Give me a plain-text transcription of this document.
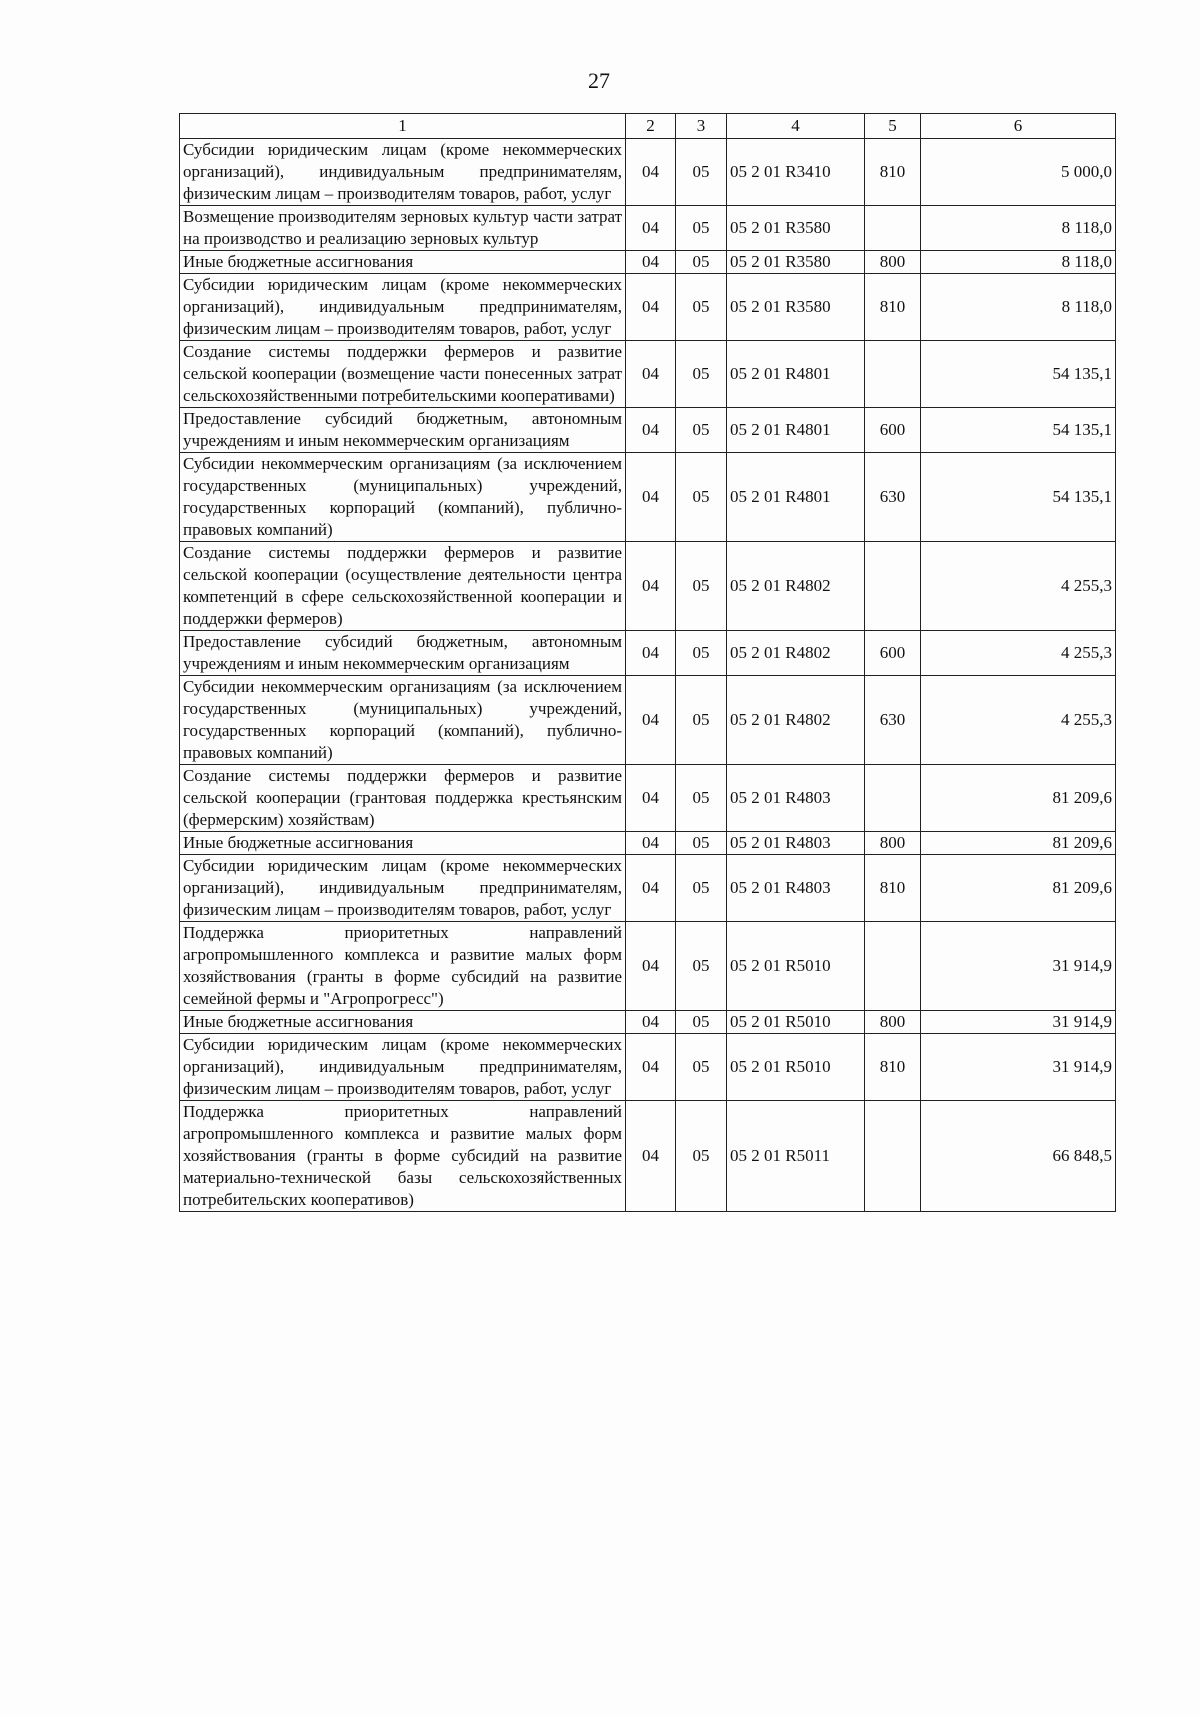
27
1	2	3	4	5	6
Субсидии юридическим лицам (кроме некоммерческих организаций), индивидуальным предпринимателям, физическим лицам – производителям товаров, работ, услуг	04	05	05 2 01 R3410	810	5 000,0
Возмещение производителям зерновых культур части затрат на производство и реализацию зерновых культур	04	05	05 2 01 R3580		8 118,0
Иные бюджетные ассигнования	04	05	05 2 01 R3580	800	8 118,0
Субсидии юридическим лицам (кроме некоммерческих организаций), индивидуальным предпринимателям, физическим лицам – производителям товаров, работ, услуг	04	05	05 2 01 R3580	810	8 118,0
Создание системы поддержки фермеров и развитие сельской кооперации (возмещение части понесенных затрат сельскохозяйственными потребительскими кооперативами)	04	05	05 2 01 R4801		54 135,1
Предоставление субсидий бюджетным, автономным учреждениям и иным некоммерческим организациям	04	05	05 2 01 R4801	600	54 135,1
Субсидии некоммерческим организациям (за исключением государственных (муниципальных) учреждений, государственных корпораций (компаний), публично-правовых компаний)	04	05	05 2 01 R4801	630	54 135,1
Создание системы поддержки фермеров и развитие сельской кооперации (осуществление деятельности центра компетенций в сфере сельскохозяйственной кооперации и поддержки фермеров)	04	05	05 2 01 R4802		4 255,3
Предоставление субсидий бюджетным, автономным учреждениям и иным некоммерческим организациям	04	05	05 2 01 R4802	600	4 255,3
Субсидии некоммерческим организациям (за исключением государственных (муниципальных) учреждений, государственных корпораций (компаний), публично-правовых компаний)	04	05	05 2 01 R4802	630	4 255,3
Создание системы поддержки фермеров и развитие сельской кооперации (грантовая поддержка крестьянским (фермерским) хозяйствам)	04	05	05 2 01 R4803		81 209,6
Иные бюджетные ассигнования	04	05	05 2 01 R4803	800	81 209,6
Субсидии юридическим лицам (кроме некоммерческих организаций), индивидуальным предпринимателям, физическим лицам – производителям товаров, работ, услуг	04	05	05 2 01 R4803	810	81 209,6
Поддержка приоритетных направлений агропромышленного комплекса и развитие малых форм хозяйствования (гранты в форме субсидий на развитие семейной фермы и "Агропрогресс")	04	05	05 2 01 R5010		31 914,9
Иные бюджетные ассигнования	04	05	05 2 01 R5010	800	31 914,9
Субсидии юридическим лицам (кроме некоммерческих организаций), индивидуальным предпринимателям, физическим лицам – производителям товаров, работ, услуг	04	05	05 2 01 R5010	810	31 914,9
Поддержка приоритетных направлений агропромышленного комплекса и развитие малых форм хозяйствования (гранты в форме субсидий на развитие материально-технической базы сельскохозяйственных потребительских кооперативов)	04	05	05 2 01 R5011		66 848,5
